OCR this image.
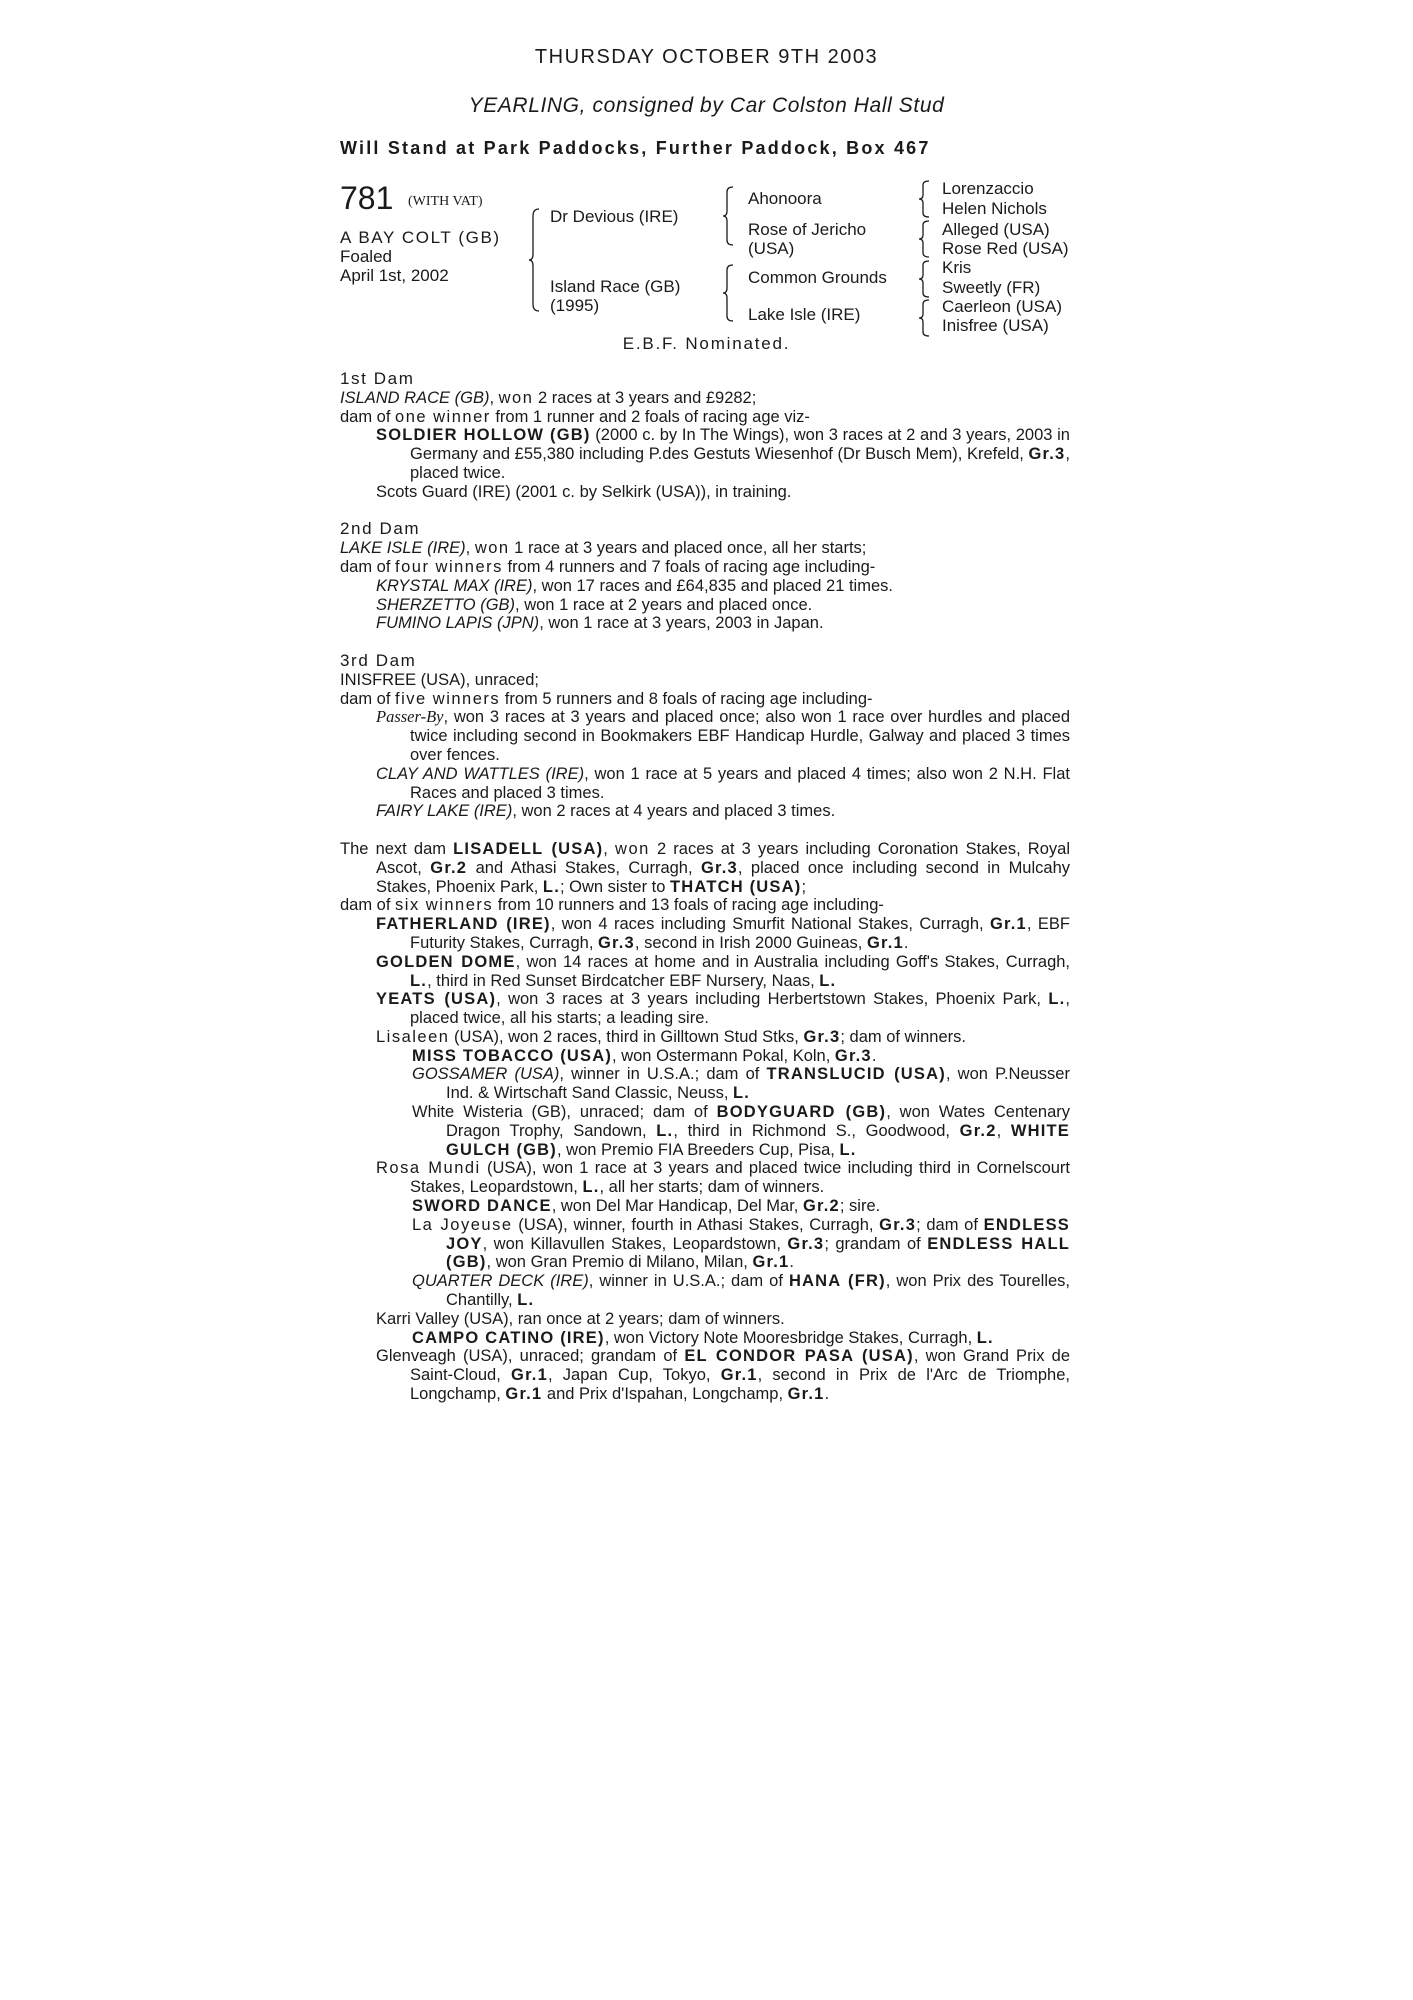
THURSDAY OCTOBER 9TH 2003
YEARLING, consigned by Car Colston Hall Stud
Will Stand at Park Paddocks, Further Paddock, Box 467
781 (WITH VAT)
A BAY COLT (GB)
Foaled
April 1st, 2002
Dr Devious (IRE)
Island Race (GB)
(1995)
Ahonoora
Rose of Jericho
(USA)
Common Grounds
Lake Isle (IRE)
Lorenzaccio
Helen Nichols
Alleged (USA)
Rose Red (USA)
Kris
Sweetly (FR)
Caerleon (USA)
Inisfree (USA)
E.B.F. Nominated.

1st Dam

ISLAND RACE (GB), won 2 races at 3 years and £9282;

dam of one winner from 1 runner and 2 foals of racing age viz-

SOLDIER HOLLOW (GB) (2000 c. by In The Wings), won 3 races at 2 and 3 years, 2003 in Germany and £55,380 including P.des Gestuts Wiesenhof (Dr Busch Mem), Krefeld, Gr.3, placed twice.

Scots Guard (IRE) (2001 c. by Selkirk (USA)), in training.

2nd Dam

LAKE ISLE (IRE), won 1 race at 3 years and placed once, all her starts;

dam of four winners from 4 runners and 7 foals of racing age including-

KRYSTAL MAX (IRE), won 17 races and £64,835 and placed 21 times.

SHERZETTO (GB), won 1 race at 2 years and placed once.

FUMINO LAPIS (JPN), won 1 race at 3 years, 2003 in Japan.

3rd Dam

INISFREE (USA), unraced;

dam of five winners from 5 runners and 8 foals of racing age including-

Passer-By, won 3 races at 3 years and placed once; also won 1 race over hurdles and placed twice including second in Bookmakers EBF Handicap Hurdle, Galway and placed 3 times over fences.

CLAY AND WATTLES (IRE), won 1 race at 5 years and placed 4 times; also won 2 N.H. Flat Races and placed 3 times.

FAIRY LAKE (IRE), won 2 races at 4 years and placed 3 times.

The next dam LISADELL (USA), won 2 races at 3 years including Coronation Stakes, Royal Ascot, Gr.2 and Athasi Stakes, Curragh, Gr.3, placed once including second in Mulcahy Stakes, Phoenix Park, L.; Own sister to THATCH (USA);

dam of six winners from 10 runners and 13 foals of racing age including-

FATHERLAND (IRE), won 4 races including Smurfit National Stakes, Curragh, Gr.1, EBF Futurity Stakes, Curragh, Gr.3, second in Irish 2000 Guineas, Gr.1.

GOLDEN DOME, won 14 races at home and in Australia including Goff's Stakes, Curragh, L., third in Red Sunset Birdcatcher EBF Nursery, Naas, L.

YEATS (USA), won 3 races at 3 years including Herbertstown Stakes, Phoenix Park, L., placed twice, all his starts; a leading sire.

Lisaleen (USA), won 2 races, third in Gilltown Stud Stks, Gr.3; dam of winners.

MISS TOBACCO (USA), won Ostermann Pokal, Koln, Gr.3.

GOSSAMER (USA), winner in U.S.A.; dam of TRANSLUCID (USA), won P.Neusser Ind. & Wirtschaft Sand Classic, Neuss, L.

White Wisteria (GB), unraced; dam of BODYGUARD (GB), won Wates Centenary Dragon Trophy, Sandown, L., third in Richmond S., Goodwood, Gr.2, WHITE GULCH (GB), won Premio FIA Breeders Cup, Pisa, L.

Rosa Mundi (USA), won 1 race at 3 years and placed twice including third in Cornelscourt Stakes, Leopardstown, L., all her starts; dam of winners.

SWORD DANCE, won Del Mar Handicap, Del Mar, Gr.2; sire.

La Joyeuse (USA), winner, fourth in Athasi Stakes, Curragh, Gr.3; dam of ENDLESS JOY, won Killavullen Stakes, Leopardstown, Gr.3; grandam of ENDLESS HALL (GB), won Gran Premio di Milano, Milan, Gr.1.

QUARTER DECK (IRE), winner in U.S.A.; dam of HANA (FR), won Prix des Tourelles, Chantilly, L.

Karri Valley (USA), ran once at 2 years; dam of winners.

CAMPO CATINO (IRE), won Victory Note Mooresbridge Stakes, Curragh, L.

Glenveagh (USA), unraced; grandam of EL CONDOR PASA (USA), won Grand Prix de Saint-Cloud, Gr.1, Japan Cup, Tokyo, Gr.1, second in Prix de l'Arc de Triomphe, Longchamp, Gr.1 and Prix d'Ispahan, Longchamp, Gr.1.
